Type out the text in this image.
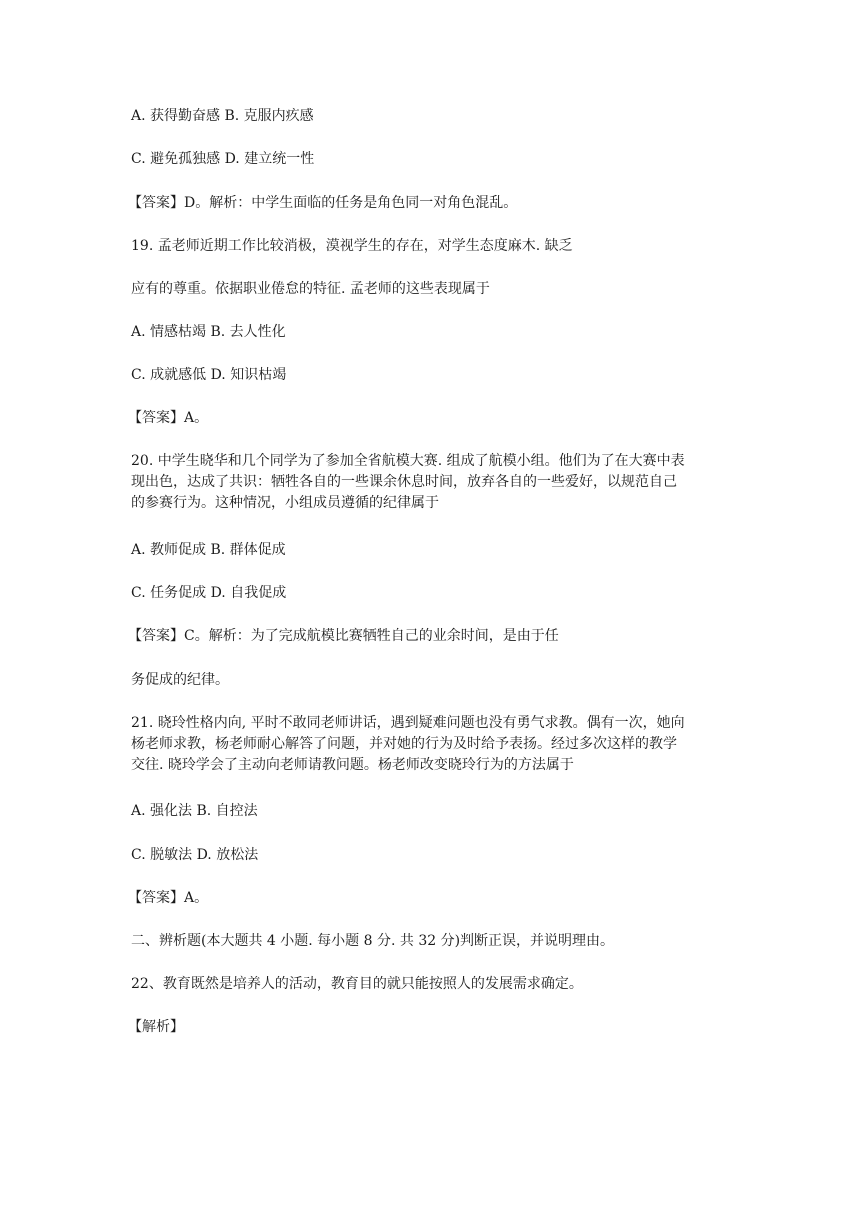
A. 获得勤奋感 B. 克服内疚感

C. 避免孤独感 D. 建立统一性

【答案】D。解析：中学生面临的任务是角色同一对角色混乱。

19. 孟老师近期工作比较消极，漠视学生的存在，对学生态度麻木. 缺乏

应有的尊重。依据职业倦怠的特征. 孟老师的这些表现属于

A. 情感枯竭 B. 去人性化

C. 成就感低 D. 知识枯竭

【答案】A。

20. 中学生晓华和几个同学为了参加全省航模大赛. 组成了航模小组。他们为了在大赛中表
现出色，达成了共识：牺牲各自的一些课余休息时间，放弃各自的一些爱好，以规范自己
的参赛行为。这种情况，小组成员遵循的纪律属于

A. 教师促成 B. 群体促成

C. 任务促成 D. 自我促成

【答案】C。解析：为了完成航模比赛牺牲自己的业余时间，是由于任

务促成的纪律。

21. 晓玲性格内向, 平时不敢同老师讲话，遇到疑难问题也没有勇气求教。偶有一次，她向
杨老师求教，杨老师耐心解答了问题，并对她的行为及时给予表扬。经过多次这样的教学
交往. 晓玲学会了主动向老师请教问题。杨老师改变晓玲行为的方法属于

A. 强化法 B. 自控法

C. 脱敏法 D. 放松法

【答案】A。

二、辨析题(本大题共 4 小题. 每小题 8 分. 共 32 分)判断正误，并说明理由。

22、教育既然是培养人的活动，教育目的就只能按照人的发展需求确定。

【解析】
